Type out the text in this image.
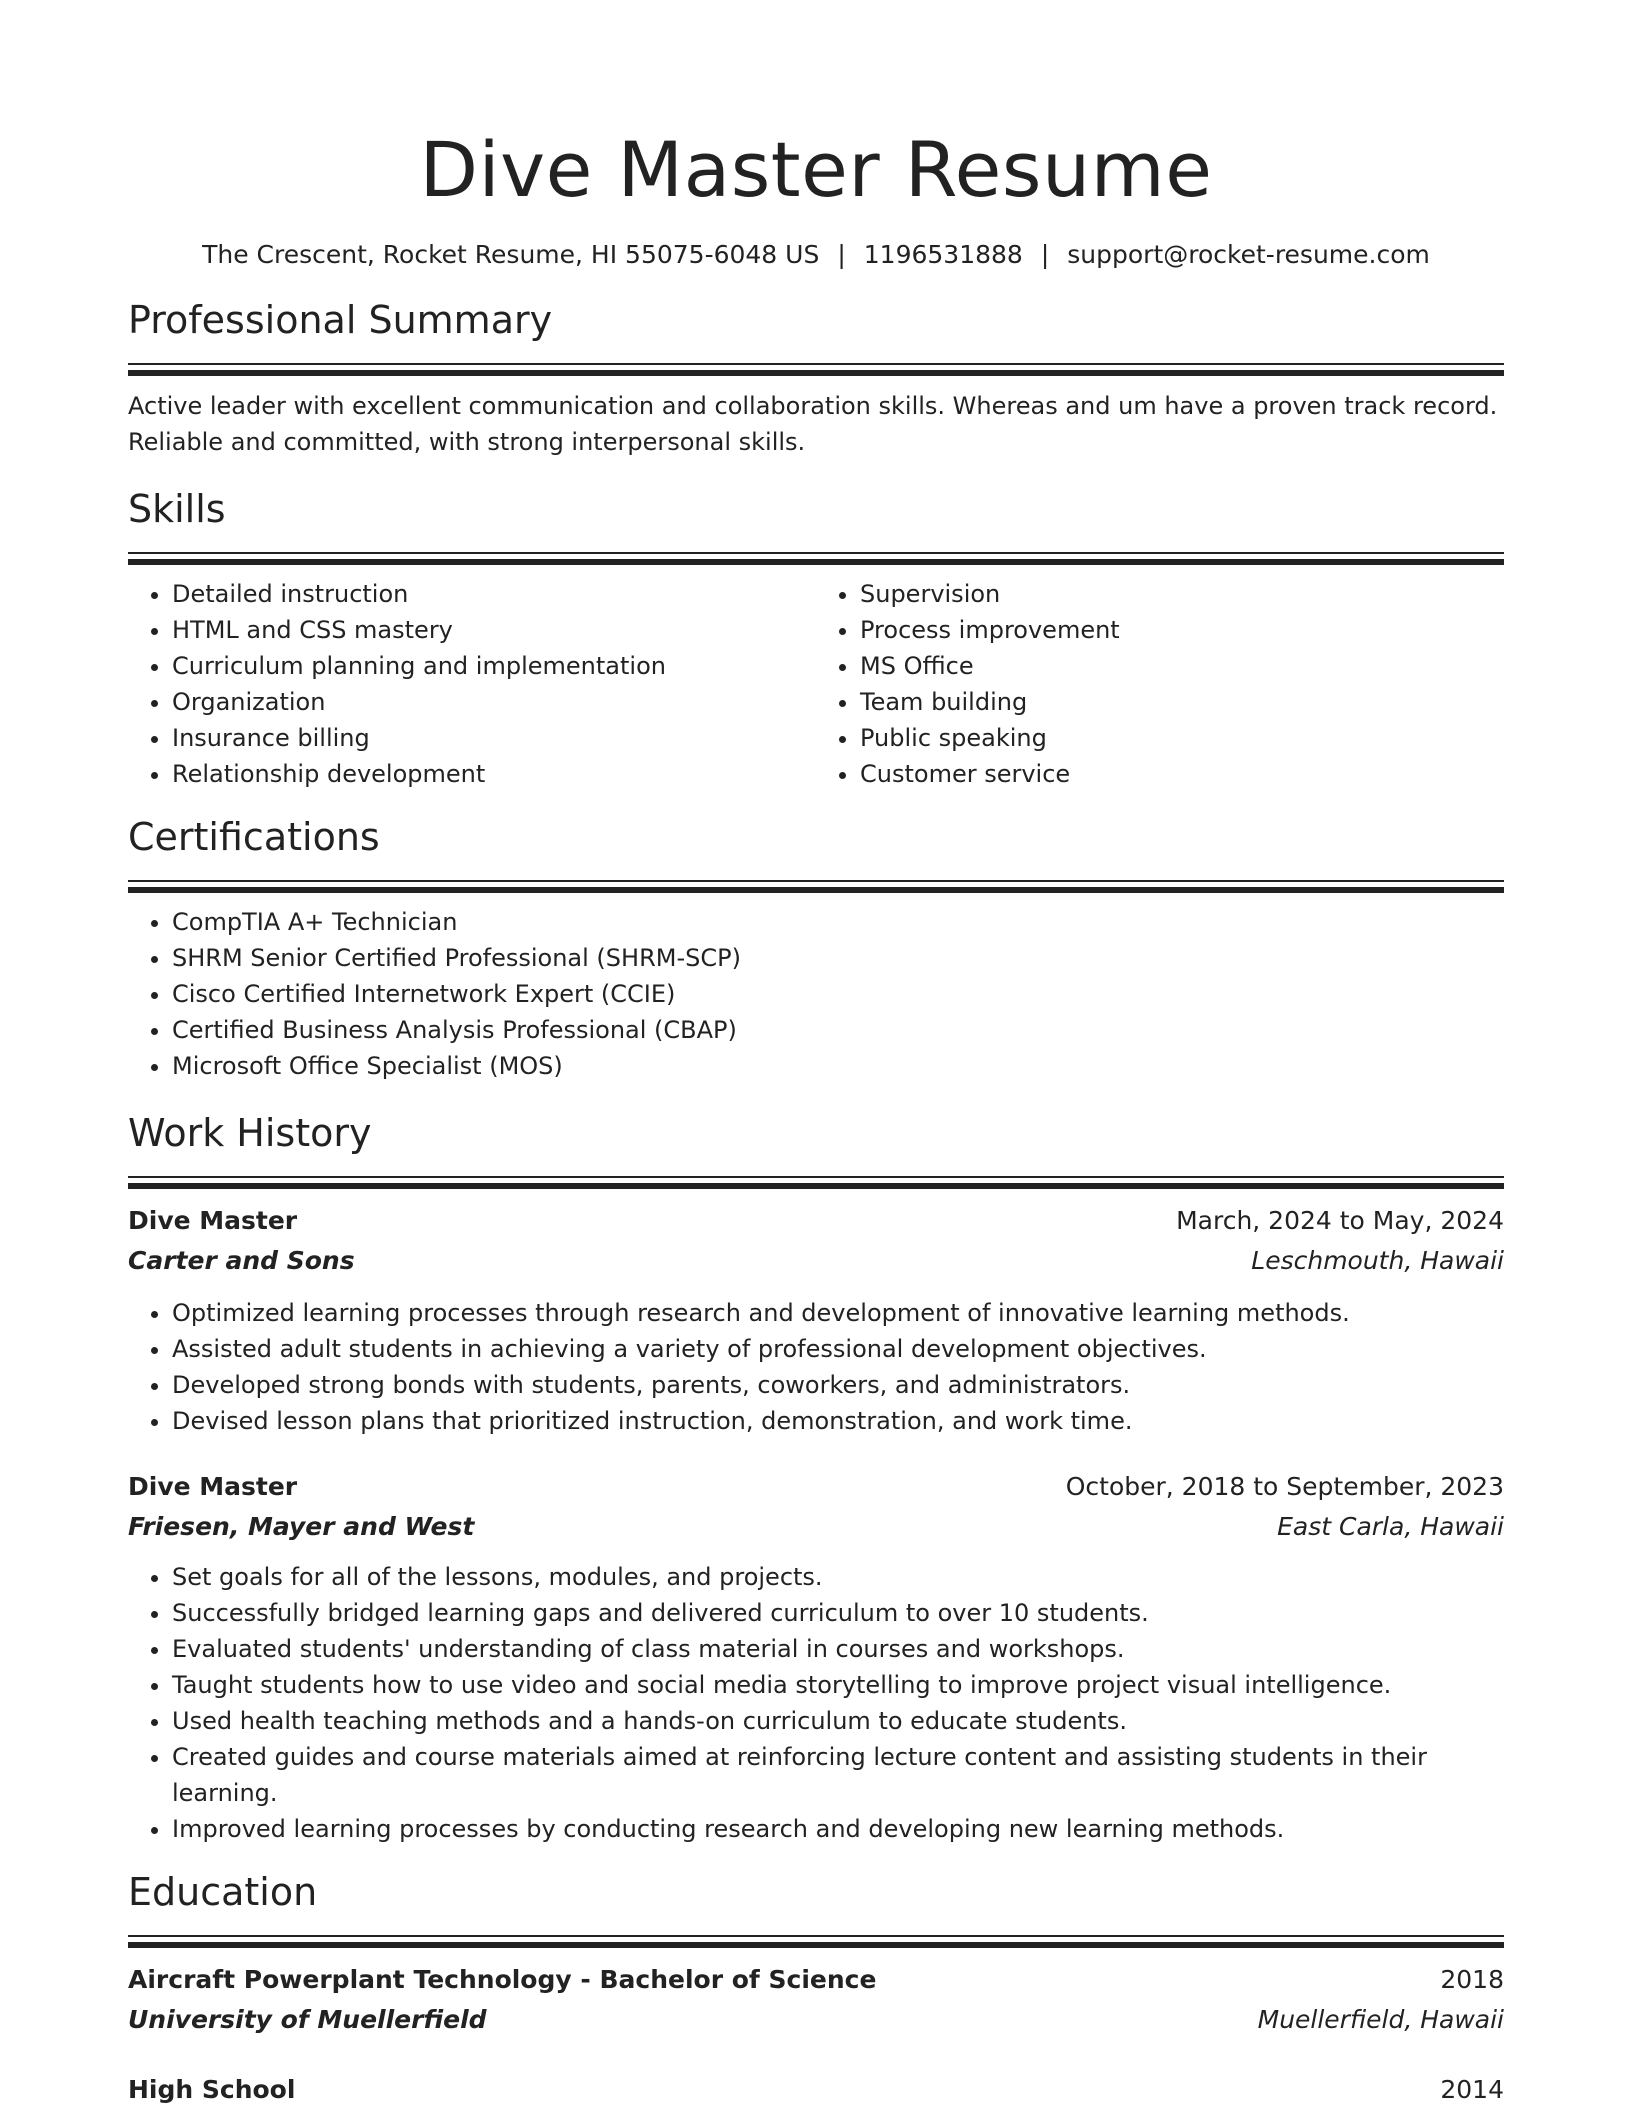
Dive Master Resume
The Crescent, Rocket Resume, HI 55075-6048 US | 1196531888 | support@rocket-resume.com
Professional Summary

Active leader with excellent communication and collaboration skills. Whereas and um have a proven track record. Reliable and committed, with strong interpersonal skills.

Skills
• Detailed instruction
• HTML and CSS mastery
• Curriculum planning and implementation
• Organization
• Insurance billing
• Relationship development
• Supervision
• Process improvement
• MS Office
• Team building
• Public speaking
• Customer service
Certifications
• CompTIA A+ Technician
• SHRM Senior Certified Professional (SHRM-SCP)
• Cisco Certified Internetwork Expert (CCIE)
• Certified Business Analysis Professional (CBAP)
• Microsoft Office Specialist (MOS)
Work History
Dive Master	March, 2024 to May, 2024
Carter and Sons	Leschmouth, Hawaii
• Optimized learning processes through research and development of innovative learning methods.
• Assisted adult students in achieving a variety of professional development objectives.
• Developed strong bonds with students, parents, coworkers, and administrators.
• Devised lesson plans that prioritized instruction, demonstration, and work time.
Dive Master	October, 2018 to September, 2023
Friesen, Mayer and West	East Carla, Hawaii
• Set goals for all of the lessons, modules, and projects.
• Successfully bridged learning gaps and delivered curriculum to over 10 students.
• Evaluated students' understanding of class material in courses and workshops.
• Taught students how to use video and social media storytelling to improve project visual intelligence.
• Used health teaching methods and a hands-on curriculum to educate students.
• Created guides and course materials aimed at reinforcing lecture content and assisting students in their learning.
• Improved learning processes by conducting research and developing new learning methods.
Education
Aircraft Powerplant Technology - Bachelor of Science	2018
University of Muellerfield	Muellerfield, Hawaii
High School	2014
